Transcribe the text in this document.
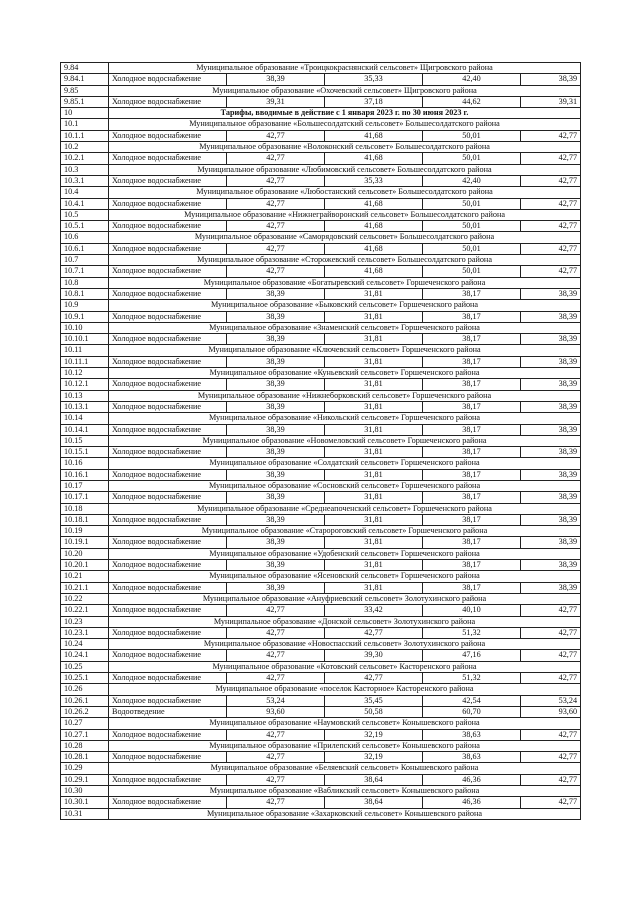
9.84	Муниципальное образование «Троицкокраснянский сельсовет» Щигровского района				
9.84.1	Холодное водоснабжение	38,39	35,33	42,40	38,39
9.85	Муниципальное образование «Охочевский сельсовет» Щигровского района				
9.85.1	Холодное водоснабжение	39,31	37,18	44,62	39,31
10	Тарифы, вводимые в действие с 1 января 2023 г. по 30 июня 2023 г.				
10.1	Муниципальное образование «Большесолдатский сельсовет» Большесолдатского района				
10.1.1	Холодное водоснабжение	42,77	41,68	50,01	42,77
10.2	Муниципальное образование «Волоконский сельсовет» Большесолдатского района				
10.2.1	Холодное водоснабжение	42,77	41,68	50,01	42,77
10.3	Муниципальное образование «Любимовский сельсовет» Большесолдатского района				
10.3.1	Холодное водоснабжение	42,77	35,33	42,40	42,77
10.4	Муниципальное образование «Любостанский сельсовет» Большесолдатского района				
10.4.1	Холодное водоснабжение	42,77	41,68	50,01	42,77
10.5	Муниципальное образование «Нижнеграйворонский сельсовет» Большесолдатского района				
10.5.1	Холодное водоснабжение	42,77	41,68	50,01	42,77
10.6	Муниципальное образование «Саморядовский сельсовет» Большесолдатского района				
10.6.1	Холодное водоснабжение	42,77	41,68	50,01	42,77
10.7	Муниципальное образование «Сторожевский сельсовет» Большесолдатского района				
10.7.1	Холодное водоснабжение	42,77	41,68	50,01	42,77
10.8	Муниципальное образование «Богатыревский сельсовет» Горшеченского района				
10.8.1	Холодное водоснабжение	38,39	31,81	38,17	38,39
10.9	Муниципальное образование «Быковский сельсовет» Горшеченского района				
10.9.1	Холодное водоснабжение	38,39	31,81	38,17	38,39
10.10	Муниципальное образование «Знаменский сельсовет» Горшеченского района				
10.10.1	Холодное водоснабжение	38,39	31,81	38,17	38,39
10.11	Муниципальное образование «Ключевский сельсовет» Горшеченского района				
10.11.1	Холодное водоснабжение	38,39	31,81	38,17	38,39
10.12	Муниципальное образование «Куньевский сельсовет» Горшеченского района				
10.12.1	Холодное водоснабжение	38,39	31,81	38,17	38,39
10.13	Муниципальное образование «Нижнеборковский сельсовет» Горшеченского района				
10.13.1	Холодное водоснабжение	38,39	31,81	38,17	38,39
10.14	Муниципальное образование «Никольский сельсовет» Горшеченского района				
10.14.1	Холодное водоснабжение	38,39	31,81	38,17	38,39
10.15	Муниципальное образование «Новомеловский сельсовет» Горшеченского района				
10.15.1	Холодное водоснабжение	38,39	31,81	38,17	38,39
10.16	Муниципальное образование «Солдатский сельсовет» Горшеченского района				
10.16.1	Холодное водоснабжение	38,39	31,81	38,17	38,39
10.17	Муниципальное образование «Сосновский сельсовет» Горшеченского района				
10.17.1	Холодное водоснабжение	38,39	31,81	38,17	38,39
10.18	Муниципальное образование «Среднеапоченский сельсовет» Горшеченского района				
10.18.1	Холодное водоснабжение	38,39	31,81	38,17	38,39
10.19	Муниципальное образование «Старороговский сельсовет» Горшеченского района				
10.19.1	Холодное водоснабжение	38,39	31,81	38,17	38,39
10.20	Муниципальное образование «Удобенский сельсовет» Горшеченского района				
10.20.1	Холодное водоснабжение	38,39	31,81	38,17	38,39
10.21	Муниципальное образование «Ясеновский сельсовет» Горшеченского района				
10.21.1	Холодное водоснабжение	38,39	31,81	38,17	38,39
10.22	Муниципальное образование «Ануфриевский сельсовет» Золотухинского района				
10.22.1	Холодное водоснабжение	42,77	33,42	40,10	42,77
10.23	Муниципальное образование «Донской сельсовет» Золотухинского района				
10.23.1	Холодное водоснабжение	42,77	42,77	51,32	42,77
10.24	Муниципальное образование «Новоспасский сельсовет» Золотухинского района				
10.24.1	Холодное водоснабжение	42,77	39,30	47,16	42,77
10.25	Муниципальное образование «Котовский сельсовет» Касторенского района				
10.25.1	Холодное водоснабжение	42,77	42,77	51,32	42,77
10.26	Муниципальное образование «поселок Касторное» Касторенского района				
10.26.1	Холодное водоснабжение	53,24	35,45	42,54	53,24
10.26.2	Водоотведение	93,60	50,58	60,70	93,60
10.27	Муниципальное образование «Наумовский сельсовет» Конышевского района				
10.27.1	Холодное водоснабжение	42,77	32,19	38,63	42,77
10.28	Муниципальное образование «Прилепский сельсовет» Конышевского района				
10.28.1	Холодное водоснабжение	42,77	32,19	38,63	42,77
10.29	Муниципальное образование «Беляевский сельсовет» Конышевского района				
10.29.1	Холодное водоснабжение	42,77	38,64	46,36	42,77
10.30	Муниципальное образование «Вабликский сельсовет» Конышевского района				
10.30.1	Холодное водоснабжение	42,77	38,64	46,36	42,77
10.31	Муниципальное образование «Захарковский сельсовет» Конышевского района				
